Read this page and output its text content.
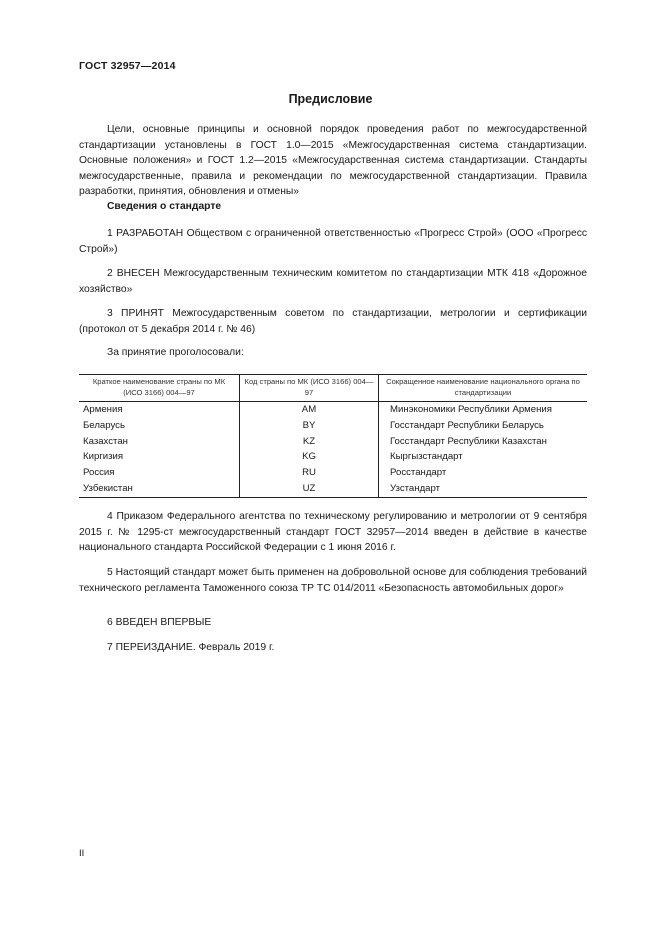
ГОСТ 32957—2014
Предисловие

Цели, основные принципы и основной порядок проведения работ по межгосударственной стандартизации установлены в ГОСТ 1.0—2015 «Межгосударственная система стандартизации. Основные положения» и ГОСТ 1.2—2015 «Межгосударственная система стандартизации. Стандарты межгосударственные, правила и рекомендации по межгосударственной стандартизации. Правила разработки, принятия, обновления и отмены»

Сведения о стандарте

1 РАЗРАБОТАН Обществом с ограниченной ответственностью «Прогресс Строй» (ООО «Прогресс Строй»)

2 ВНЕСЕН Межгосударственным техническим комитетом по стандартизации МТК 418 «Дорожное хозяйство»

3 ПРИНЯТ Межгосударственным советом по стандартизации, метрологии и сертификации (протокол от 5 декабря 2014 г. № 46)

За принятие проголосовали:
Краткое наименование страны по МК (ИСО 3166) 004—97	Код страны по МК (ИСО 3166) 004—97	Сокращенное наименование национального органа по стандартизации
Армения	AM	Минэкономики Республики Армения
Беларусь	BY	Госстандарт Республики Беларусь
Казахстан	KZ	Госстандарт Республики Казахстан
Киргизия	KG	Кыргызстандарт
Россия	RU	Росстандарт
Узбекистан	UZ	Узстандарт

4 Приказом Федерального агентства по техническому регулированию и метрологии от 9 сентября 2015 г. № 1295-ст межгосударственный стандарт ГОСТ 32957—2014 введен в действие в качестве национального стандарта Российской Федерации с 1 июня 2016 г.

5 Настоящий стандарт может быть применен на добровольной основе для соблюдения требований технического регламента Таможенного союза ТР ТС 014/2011 «Безопасность автомобильных дорог»

6 ВВЕДЕН ВПЕРВЫЕ
7 ПЕРЕИЗДАНИЕ. Февраль 2019 г.
II
